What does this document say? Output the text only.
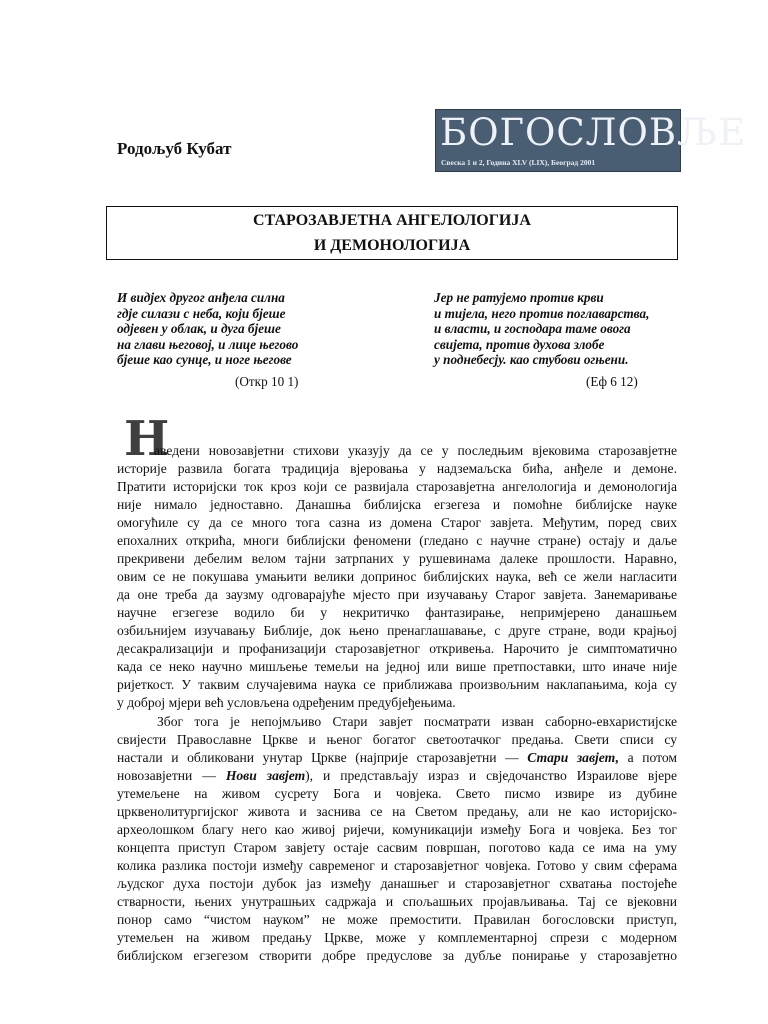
Родољуб Кубат	БОГОСЛОВЉЕ
Свеска 1 и 2, Година XLV (LIX), Београд 2001
СТАРОЗАВЈЕТНА АНГЕЛОЛОГИЈА
И ДЕМОНОЛОГИЈА
И видјех другог анђела силна
гдје силази с неба, који бјеше
одјевен у облак, и дуга бјеше
на глави његовој, и лице његово
бјеше као сунце, и ноге његове
(Откр 10 1)
Јер не ратујемо против крви
и тијела, него против поглаварства,
и власти, и господара таме овога
свијета, против духова злобе
у поднебесју. као стубови огњени.
(Еф 6 12)
Н
аведени новозавјетни стихови указују да се у последњим вјековима старозавјетне
историје развила богата традиција вјеровања у надземаљска бића, анђеле и демоне.
Пратити историјски ток кроз који се развијала старозавјетна ангелологија и демонологија
није нимало једноставно. Данашња библијска егзегеза и помоћне библијске науке
омогућиле су да се много тога сазна из домена Старог завјета. Међутим, поред свих
епохалних открића, многи библијски феномени (гледано с научне стране) остају и даље
прекривени дебелим велом тајни затрпаних у рушевинама далеке прошлости. Наравно,
овим се не покушава умањити велики допринос библијских наука, већ се жели нагласити
да оне треба да заузму одговарајуће мјесто при изучавању Старог завјета. Занемаривање
научне егзегезе водило би у некритичко фантазирање, непримјерено данашњем
озбиљнијем изучавању Библије, док њено пренаглашавање, с друге стране, води крајњој
десакрализацији и профанизацији старозавјетног откривења. Нарочито је симптоматично
када се неко научно мишљење темељи на једној или више претпоставки, што иначе није
ријеткост. У таквим случајевима наука се приближава произвољним наклапањима, која су
у доброј мјери већ условљена одређеним предубјеђењима.
Због тога је непојмљиво Стари завјет посматрати изван саборно-евхаристијске
свијести Православне Цркве и њеног богатог светоотачког предања. Свети списи су
настали и обликовани унутар Цркве (најприје старозавјетни — Стари завјет, а потом
новозавјетни — Нови завјет), и представљају израз и свједочанство Израилове вјере
утемељене на живом сусрету Бога и човјека. Свето писмо извире из дубине
црквенолитургијског живота и заснива се на Светом предању, али не као историјско-
археолошком благу него као живој ријечи, комуникацији између Бога и човјека. Без тог
концепта приступ Старом завјету остаје сасвим површан, поготово када се има на уму
колика разлика постоји између савременог и старозавјетног човјека. Готово у свим сферама
људског духа постоји дубок јаз између данашњег и старозавјетног схватања постојеће
стварности, њених унутрашњих садржаја и спољашњих пројављивања. Тај се вјековни
понор само “чистом науком” не може премостити. Правилан богословски приступ,
утемељен на живом предању Цркве, може у комплементарној спрези с модерном
библијском егзегезом створити добре предуслове за дубље понирање у старозавјетно
